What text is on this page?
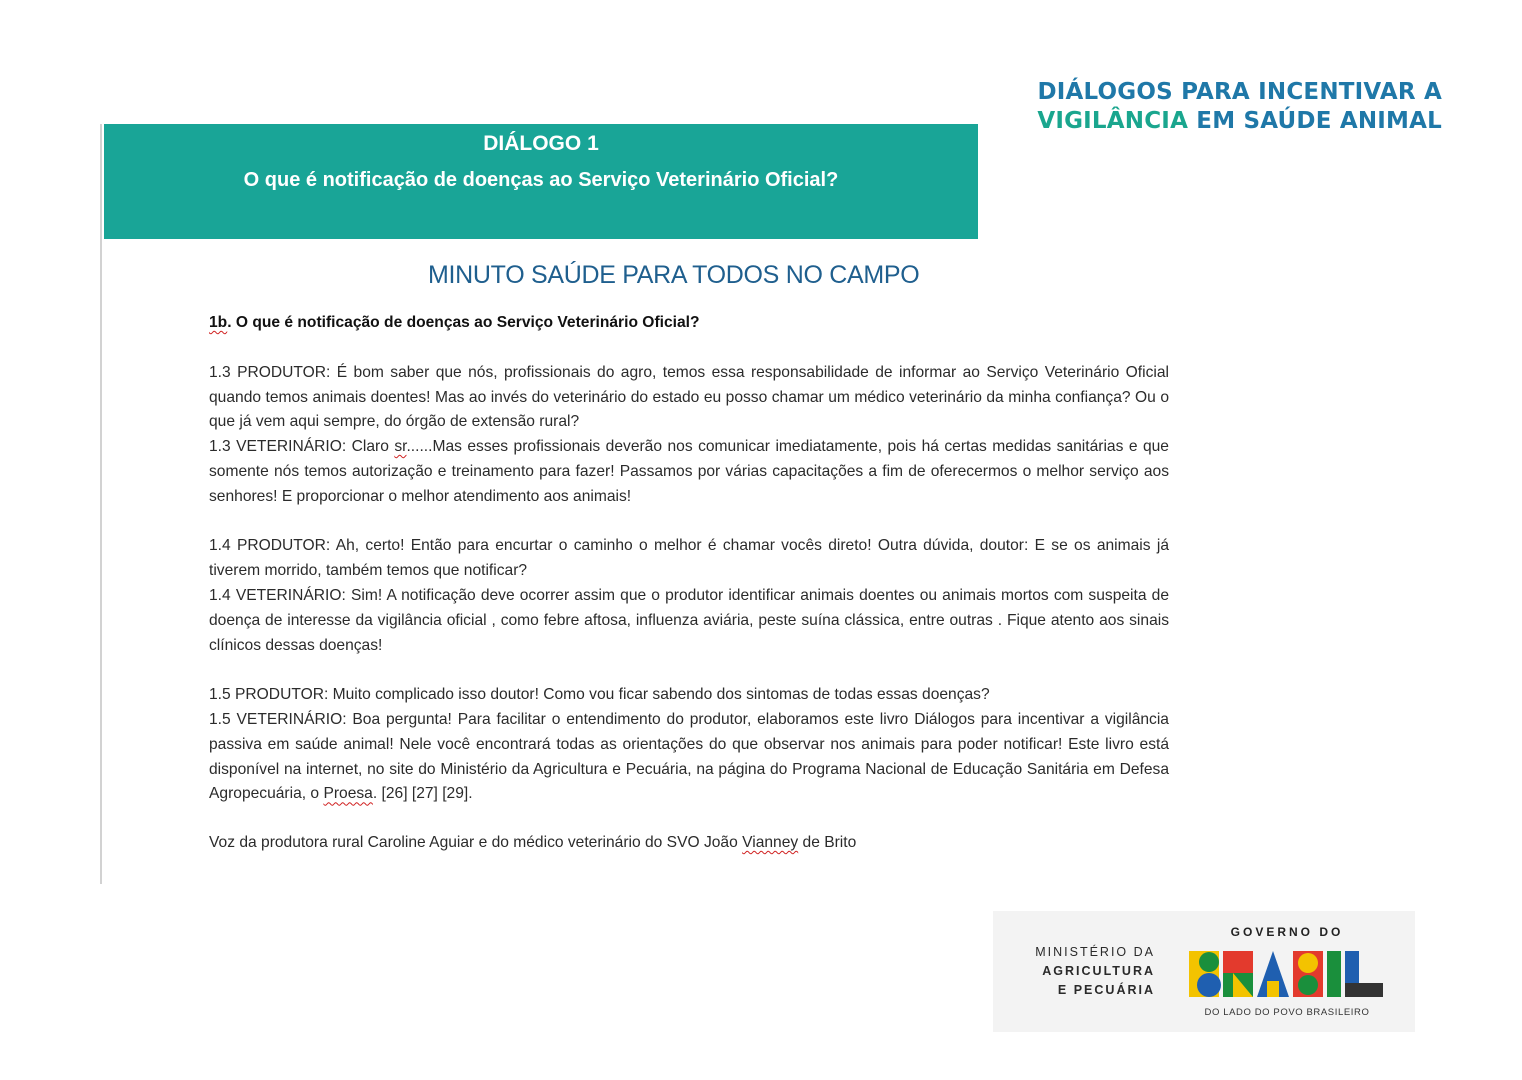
DIÁLOGOS PARA INCENTIVAR A
VIGILÂNCIA EM SAÚDE ANIMAL
DIÁLOGO 1
O que é notificação de doenças ao Serviço Veterinário Oficial?
MINUTO SAÚDE PARA TODOS NO CAMPO
1b. O que é notificação de doenças ao Serviço Veterinário Oficial?
1.3 PRODUTOR: É bom saber que nós, profissionais do agro, temos essa responsabilidade de informar ao Serviço Veterinário Oficial quando temos animais doentes! Mas ao invés do veterinário do estado eu posso chamar um médico veterinário da minha confiança? Ou o que já vem aqui sempre, do órgão de extensão rural?
1.3 VETERINÁRIO: Claro sr......Mas esses profissionais deverão nos comunicar imediatamente, pois há certas medidas sanitárias e que somente nós temos autorização e treinamento para fazer! Passamos por várias capacitações a fim de oferecermos o melhor serviço aos senhores! E proporcionar o melhor atendimento aos animais!
1.4 PRODUTOR: Ah, certo! Então para encurtar o caminho o melhor é chamar vocês direto! Outra dúvida, doutor: E se os animais já tiverem morrido, também temos que notificar?
1.4 VETERINÁRIO: Sim! A notificação deve ocorrer assim que o produtor identificar animais doentes ou animais mortos com suspeita de doença de interesse da vigilância oficial , como febre aftosa, influenza aviária, peste suína clássica, entre outras . Fique atento aos sinais clínicos dessas doenças!
1.5 PRODUTOR: Muito complicado isso doutor! Como vou ficar sabendo dos sintomas de todas essas doenças?
1.5 VETERINÁRIO: Boa pergunta! Para facilitar o entendimento do produtor, elaboramos este livro Diálogos para incentivar a vigilância passiva em saúde animal! Nele você encontrará todas as orientações do que observar nos animais para poder notificar! Este livro está disponível na internet, no site do Ministério da Agricultura e Pecuária, na página do Programa Nacional de Educação Sanitária em Defesa Agropecuária, o Proesa. [26] [27] [29].
Voz da produtora rural Caroline Aguiar e do médico veterinário do SVO João Vianney de Brito
MINISTÉRIO DA
AGRICULTURA
E PECUÁRIA
GOVERNO DO
DO LADO DO POVO BRASILEIRO
